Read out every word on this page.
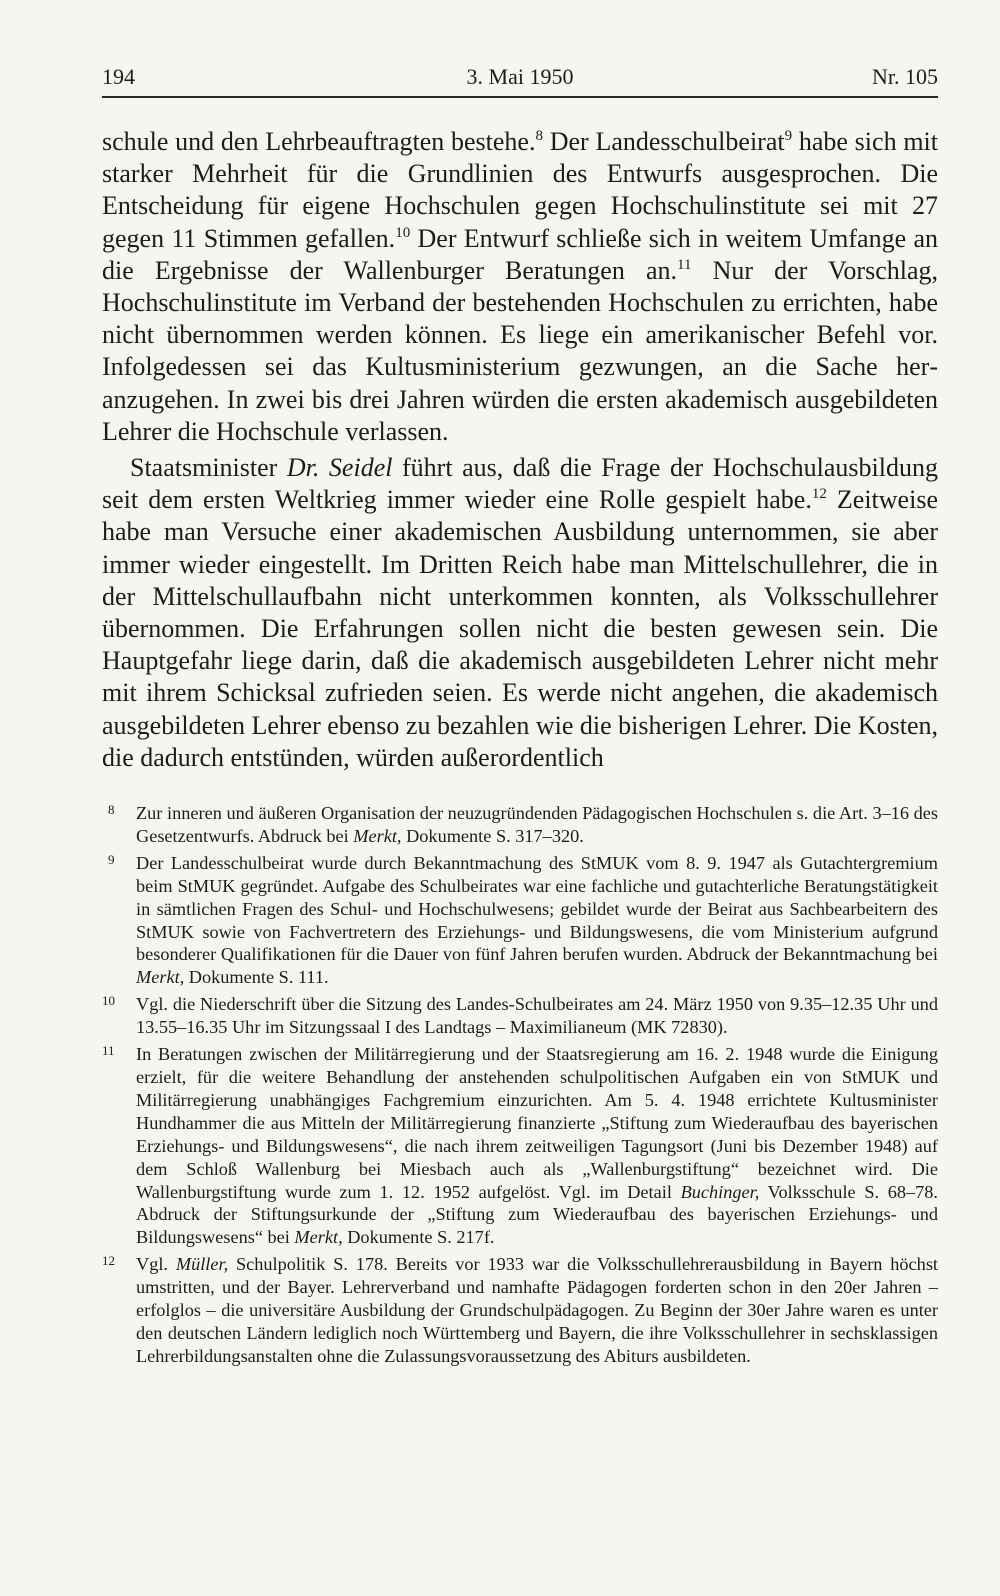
194	3. Mai 1950	Nr. 105

schule und den Lehrbeauftragten bestehe.$^8$ Der Landesschulbeirat$^9$ habe sich mit starker Mehrheit für die Grundlinien des Entwurfs ausgesprochen. Die Entscheidung für eigene Hochschulen gegen Hochschulinstitute sei mit 27 gegen 11 Stimmen gefallen.$^{10}$ Der Entwurf schließe sich in weitem Umfange an die Ergebnisse der Wallenburger Beratungen an.$^{11}$ Nur der Vorschlag, Hochschulinstitute im Verband der bestehenden Hochschulen zu errichten, habe nicht übernommen werden können. Es liege ein amerikanischer Befehl vor. Infolgedessen sei das Kultusministerium gezwungen, an die Sache heranzugehen. In zwei bis drei Jahren würden die ersten akademisch ausgebildeten Lehrer die Hochschule verlassen.

Staatsminister Dr. Seidel führt aus, daß die Frage der Hochschulausbildung seit dem ersten Weltkrieg immer wieder eine Rolle gespielt habe.$^{12}$ Zeitweise habe man Versuche einer akademischen Ausbildung unternommen, sie aber immer wieder eingestellt. Im Dritten Reich habe man Mittelschullehrer, die in der Mittelschullaufbahn nicht unterkommen konnten, als Volksschullehrer übernommen. Die Erfahrungen sollen nicht die besten gewesen sein. Die Hauptgefahr liege darin, daß die akademisch ausgebildeten Lehrer nicht mehr mit ihrem Schicksal zufrieden seien. Es werde nicht angehen, die akademisch ausgebildeten Lehrer ebenso zu bezahlen wie die bisherigen Lehrer. Die Kosten, die dadurch entstünden, würden außerordentlich

8 Zur inneren und äußeren Organisation der neuzugründenden Pädagogischen Hochschulen s. die Art. 3–16 des Gesetzentwurfs. Abdruck bei Merkt, Dokumente S. 317–320.
9 Der Landesschulbeirat wurde durch Bekanntmachung des StMUK vom 8. 9. 1947 als Gutachtergremium beim StMUK gegründet. Aufgabe des Schulbeirates war eine fachliche und gutachterliche Beratungstätigkeit in sämtlichen Fragen des Schul- und Hochschulwesens; gebildet wurde der Beirat aus Sachbearbeitern des StMUK sowie von Fachvertretern des Erziehungs- und Bildungswesens, die vom Ministerium aufgrund besonderer Qualifikationen für die Dauer von fünf Jahren berufen wurden. Abdruck der Bekanntmachung bei Merkt, Dokumente S. 111.
10 Vgl. die Niederschrift über die Sitzung des Landes-Schulbeirates am 24. März 1950 von 9.35–12.35 Uhr und 13.55–16.35 Uhr im Sitzungssaal I des Landtags – Maximilianeum (MK 72830).
11 In Beratungen zwischen der Militärregierung und der Staatsregierung am 16. 2. 1948 wurde die Einigung erzielt, für die weitere Behandlung der anstehenden schulpolitischen Aufgaben ein von StMUK und Militärregierung unabhängiges Fachgremium einzurichten. Am 5. 4. 1948 errichtete Kultusminister Hundhammer die aus Mitteln der Militärregierung finanzierte „Stiftung zum Wiederaufbau des bayerischen Erziehungs- und Bildungswesens“, die nach ihrem zeitweiligen Tagungsort (Juni bis Dezember 1948) auf dem Schloß Wallenburg bei Miesbach auch als „Wallenburgstiftung“ bezeichnet wird. Die Wallenburgstiftung wurde zum 1. 12. 1952 aufgelöst. Vgl. im Detail Buchinger, Volksschule S. 68–78. Abdruck der Stiftungsurkunde der „Stiftung zum Wiederaufbau des bayerischen Erziehungs- und Bildungswesens“ bei Merkt, Dokumente S. 217f.
12 Vgl. Müller, Schulpolitik S. 178. Bereits vor 1933 war die Volksschullehrerausbildung in Bayern höchst umstritten, und der Bayer. Lehrerverband und namhafte Pädagogen forderten schon in den 20er Jahren – erfolglos – die universitäre Ausbildung der Grundschulpädagogen. Zu Beginn der 30er Jahre waren es unter den deutschen Ländern lediglich noch Württemberg und Bayern, die ihre Volksschullehrer in sechsklassigen Lehrerbildungsanstalten ohne die Zulassungsvoraussetzung des Abiturs ausbildeten.
